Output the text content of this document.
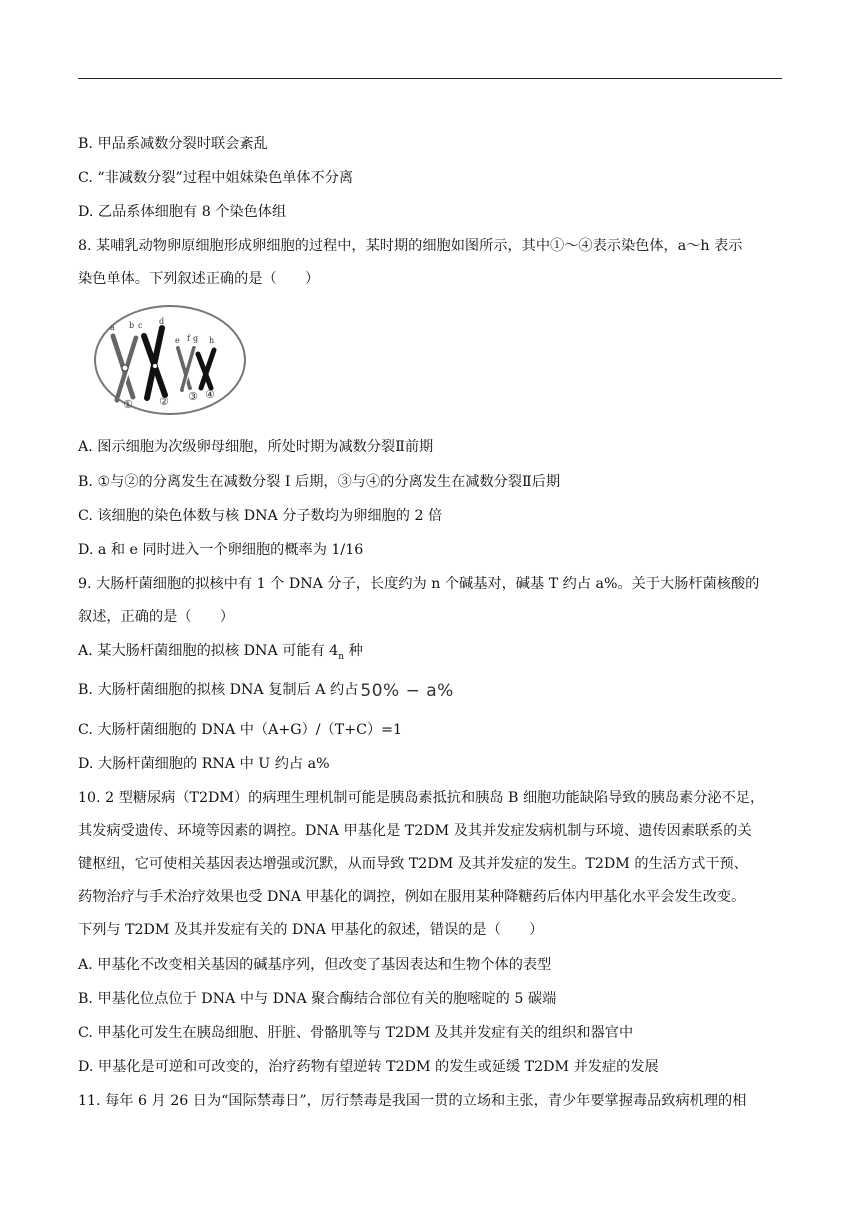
B. 甲品系减数分裂时联会紊乱
C. “非减数分裂”过程中姐妹染色单体不分离
D. 乙品系体细胞有 8 个染色体组
8. 某哺乳动物卵原细胞形成卵细胞的过程中，某时期的细胞如图所示，其中①～④表示染色体，a～h 表示
染色单体。下列叙述正确的是（　　）
a b c d
e f g h
① ② ③ ④
A. 图示细胞为次级卵母细胞，所处时期为减数分裂Ⅱ前期
B. ①与②的分离发生在减数分裂 I 后期，③与④的分离发生在减数分裂Ⅱ后期
C. 该细胞的染色体数与核 DNA 分子数均为卵细胞的 2 倍
D. a 和 e 同时进入一个卵细胞的概率为 1/16
9. 大肠杆菌细胞的拟核中有 1 个 DNA 分子，长度约为 n 个碱基对，碱基 T 约占 a%。关于大肠杆菌核酸的
叙述，正确的是（　　）
A. 某大肠杆菌细胞的拟核 DNA 可能有 $4_n$ 种
B. 大肠杆菌细胞的拟核 DNA 复制后 A 约占 50% − a%
C. 大肠杆菌细胞的 DNA 中（A+G）/（T+C）=1
D. 大肠杆菌细胞的 RNA 中 U 约占 a%
10. 2 型糖尿病（T2DM）的病理生理机制可能是胰岛素抵抗和胰岛 B 细胞功能缺陷导致的胰岛素分泌不足，
其发病受遗传、环境等因素的调控。DNA 甲基化是 T2DM 及其并发症发病机制与环境、遗传因素联系的关
键枢纽，它可使相关基因表达增强或沉默，从而导致 T2DM 及其并发症的发生。T2DM 的生活方式干预、
药物治疗与手术治疗效果也受 DNA 甲基化的调控，例如在服用某种降糖药后体内甲基化水平会发生改变。
下列与 T2DM 及其并发症有关的 DNA 甲基化的叙述，错误的是（　　）
A. 甲基化不改变相关基因的碱基序列，但改变了基因表达和生物个体的表型
B. 甲基化位点位于 DNA 中与 DNA 聚合酶结合部位有关的胞嘧啶的 5 碳端
C. 甲基化可发生在胰岛细胞、肝脏、骨骼肌等与 T2DM 及其并发症有关的组织和器官中
D. 甲基化是可逆和可改变的，治疗药物有望逆转 T2DM 的发生或延缓 T2DM 并发症的发展
11. 每年 6 月 26 日为“国际禁毒日”，厉行禁毒是我国一贯的立场和主张，青少年要掌握毒品致病机理的相
